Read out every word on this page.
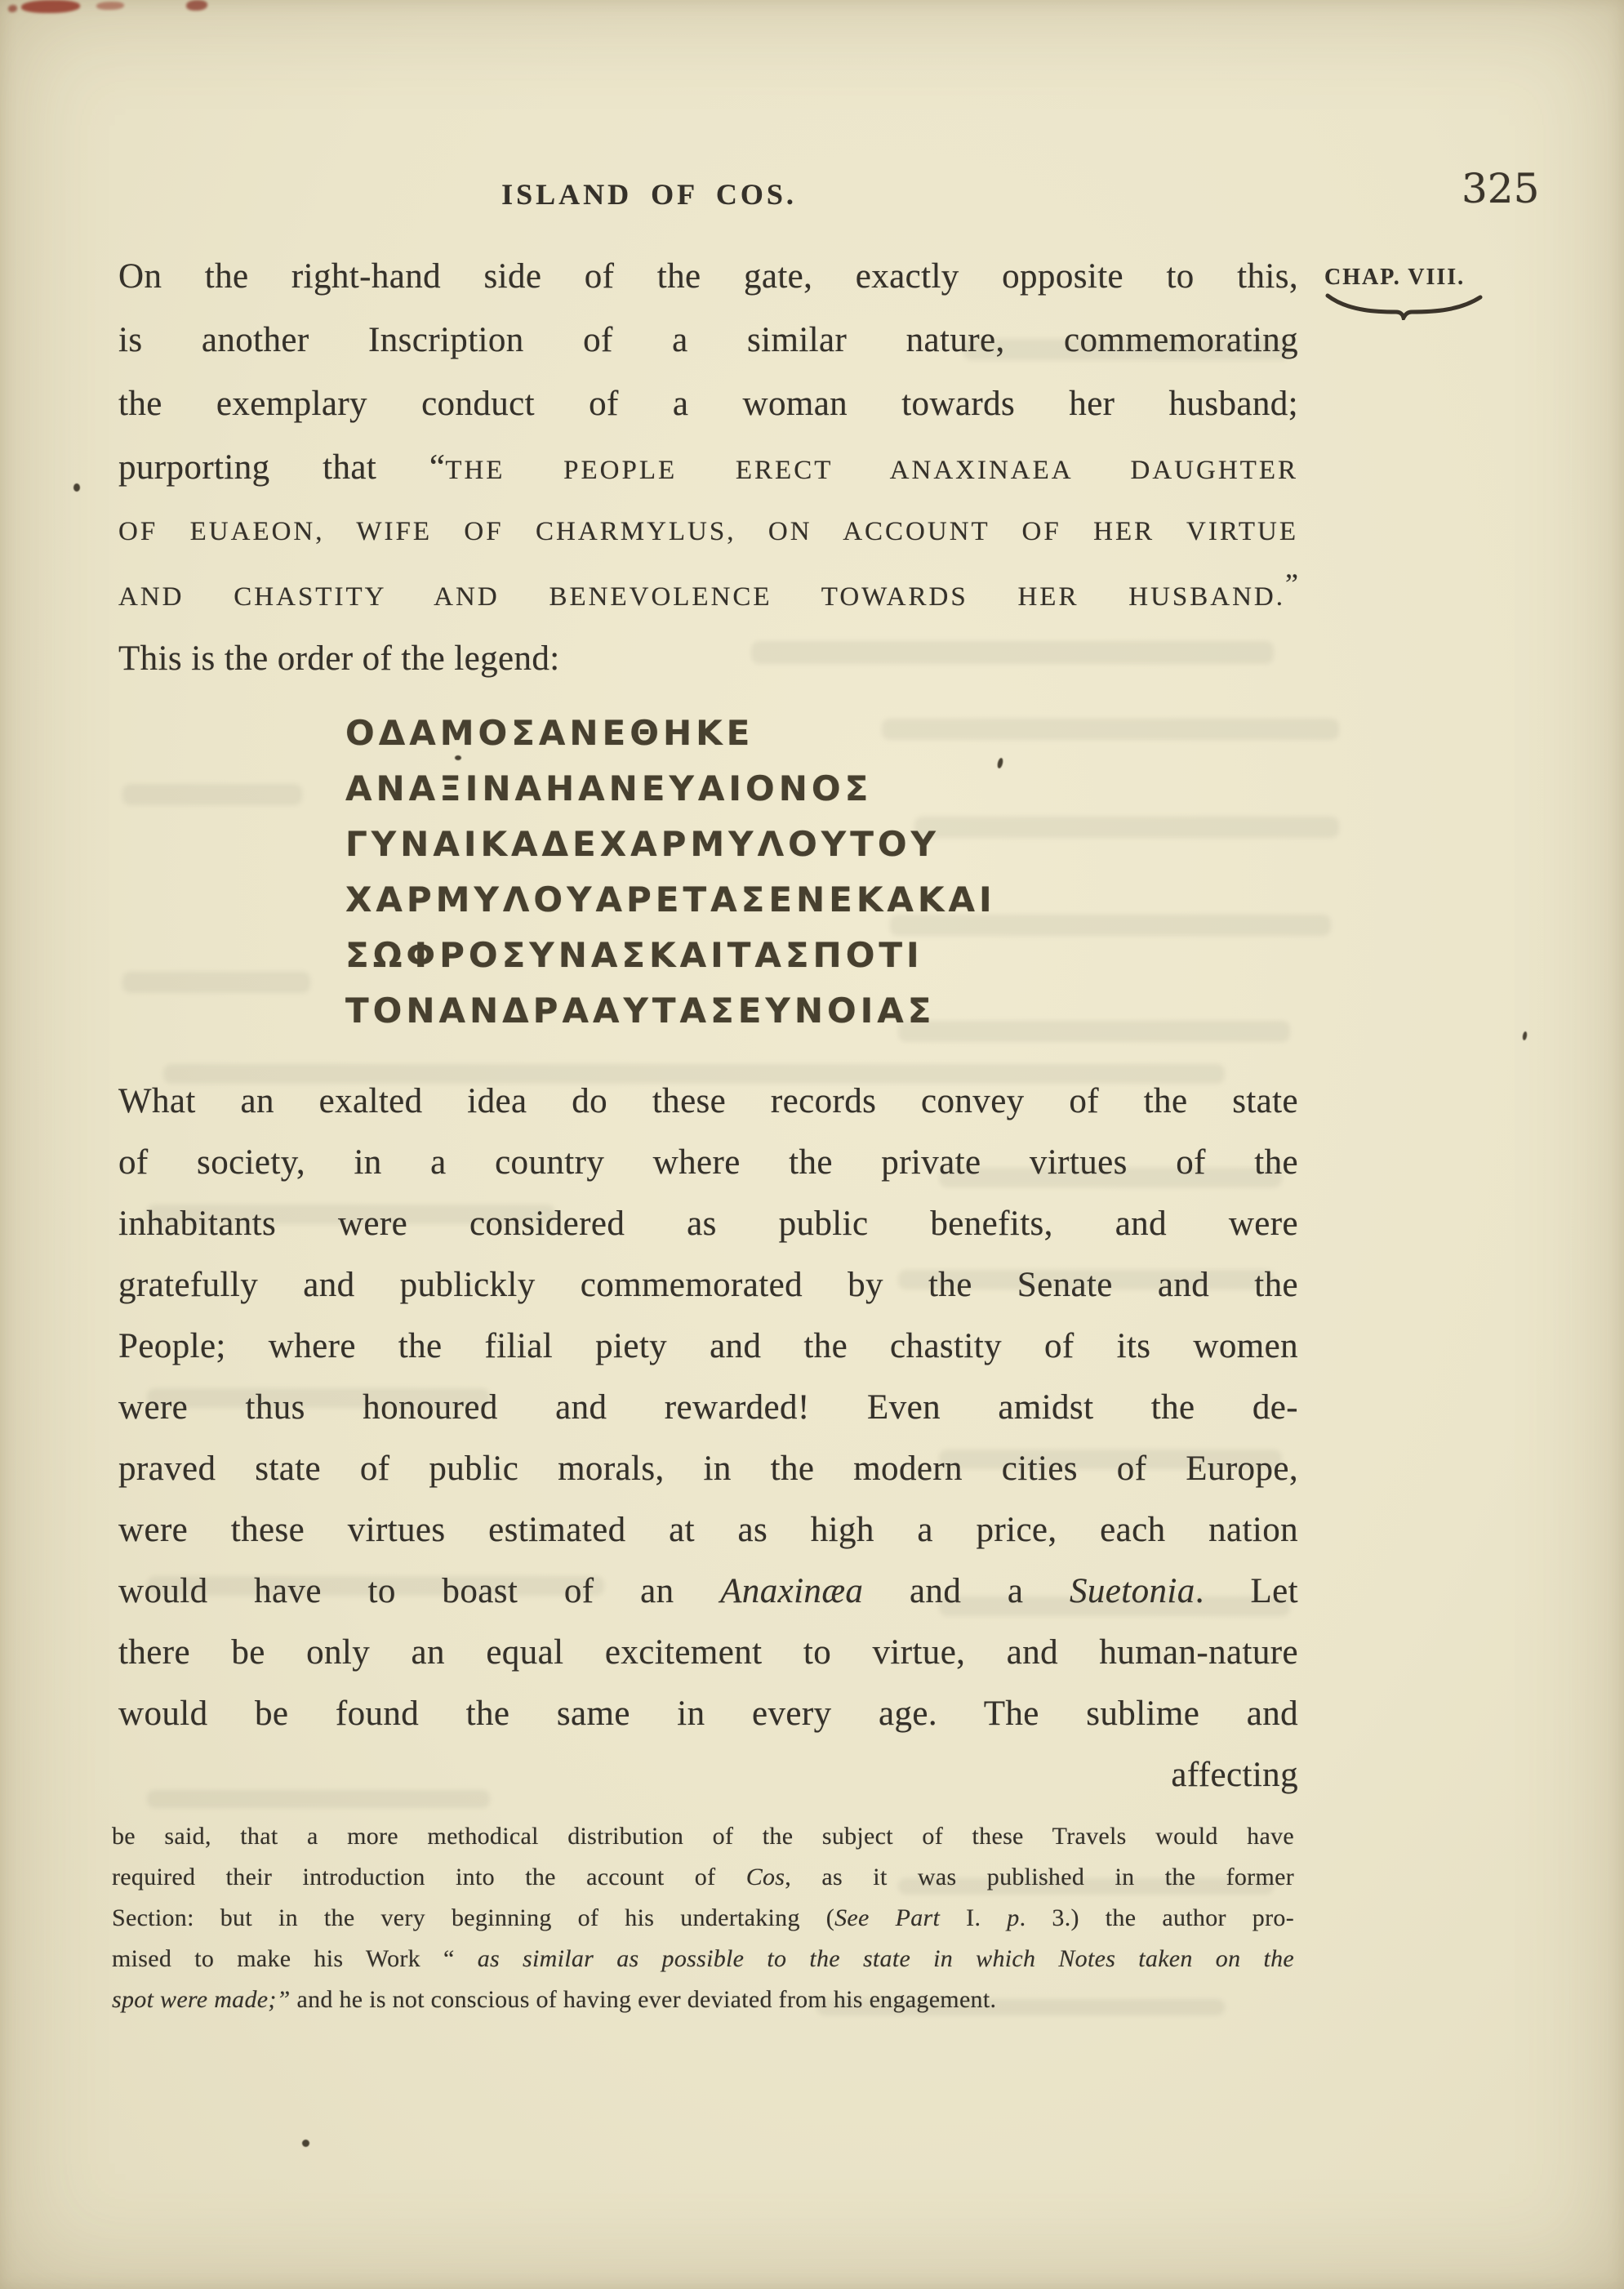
ISLAND OF COS.	325
CHAP. VIII.
On the right-hand side of the gate, exactly opposite to this,
is another Inscription of a similar nature, commemorating
the exemplary conduct of a woman towards her husband;
purporting that “THE PEOPLE ERECT ANAXINAEA DAUGHTER
OF EUAEON, WIFE OF CHARMYLUS, ON ACCOUNT OF HER VIRTUE
AND CHASTITY AND BENEVOLENCE TOWARDS HER HUSBAND.”
This is the order of the legend:
ΟΔΑΜΟΣΑΝΕΘΗΚΕ
ΑΝΑΞΙΝΑΗΑΝΕΥΑΙΟΝΟΣ
ΓΥΝΑΙΚΑΔΕΧΑΡΜΥΛΟΥΤΟΥ
ΧΑΡΜΥΛΟΥΑΡΕΤΑΣΕΝΕΚΑΚΑΙ
ΣΩΦΡΟΣΥΝΑΣΚΑΙΤΑΣΠΟΤΙ
ΤΟΝΑΝΔΡΑΑΥΤΑΣΕΥΝΟΙΑΣ
What an exalted idea do these records convey of the state
of society, in a country where the private virtues of the
inhabitants were considered as public benefits, and were
gratefully and publickly commemorated by the Senate and the
People; where the filial piety and the chastity of its women
were thus honoured and rewarded! Even amidst the de-
praved state of public morals, in the modern cities of Europe,
were these virtues estimated at as high a price, each nation
would have to boast of an Anaxinæa and a Suetonia. Let
there be only an equal excitement to virtue, and human-nature
would be found the same in every age. The sublime and
affecting
be said, that a more methodical distribution of the subject of these Travels would have
required their introduction into the account of Cos, as it was published in the former
Section: but in the very beginning of his undertaking (See Part I. p. 3.) the author pro-
mised to make his Work “ as similar as possible to the state in which Notes taken on the
spot were made;” and he is not conscious of having ever deviated from his engagement.
